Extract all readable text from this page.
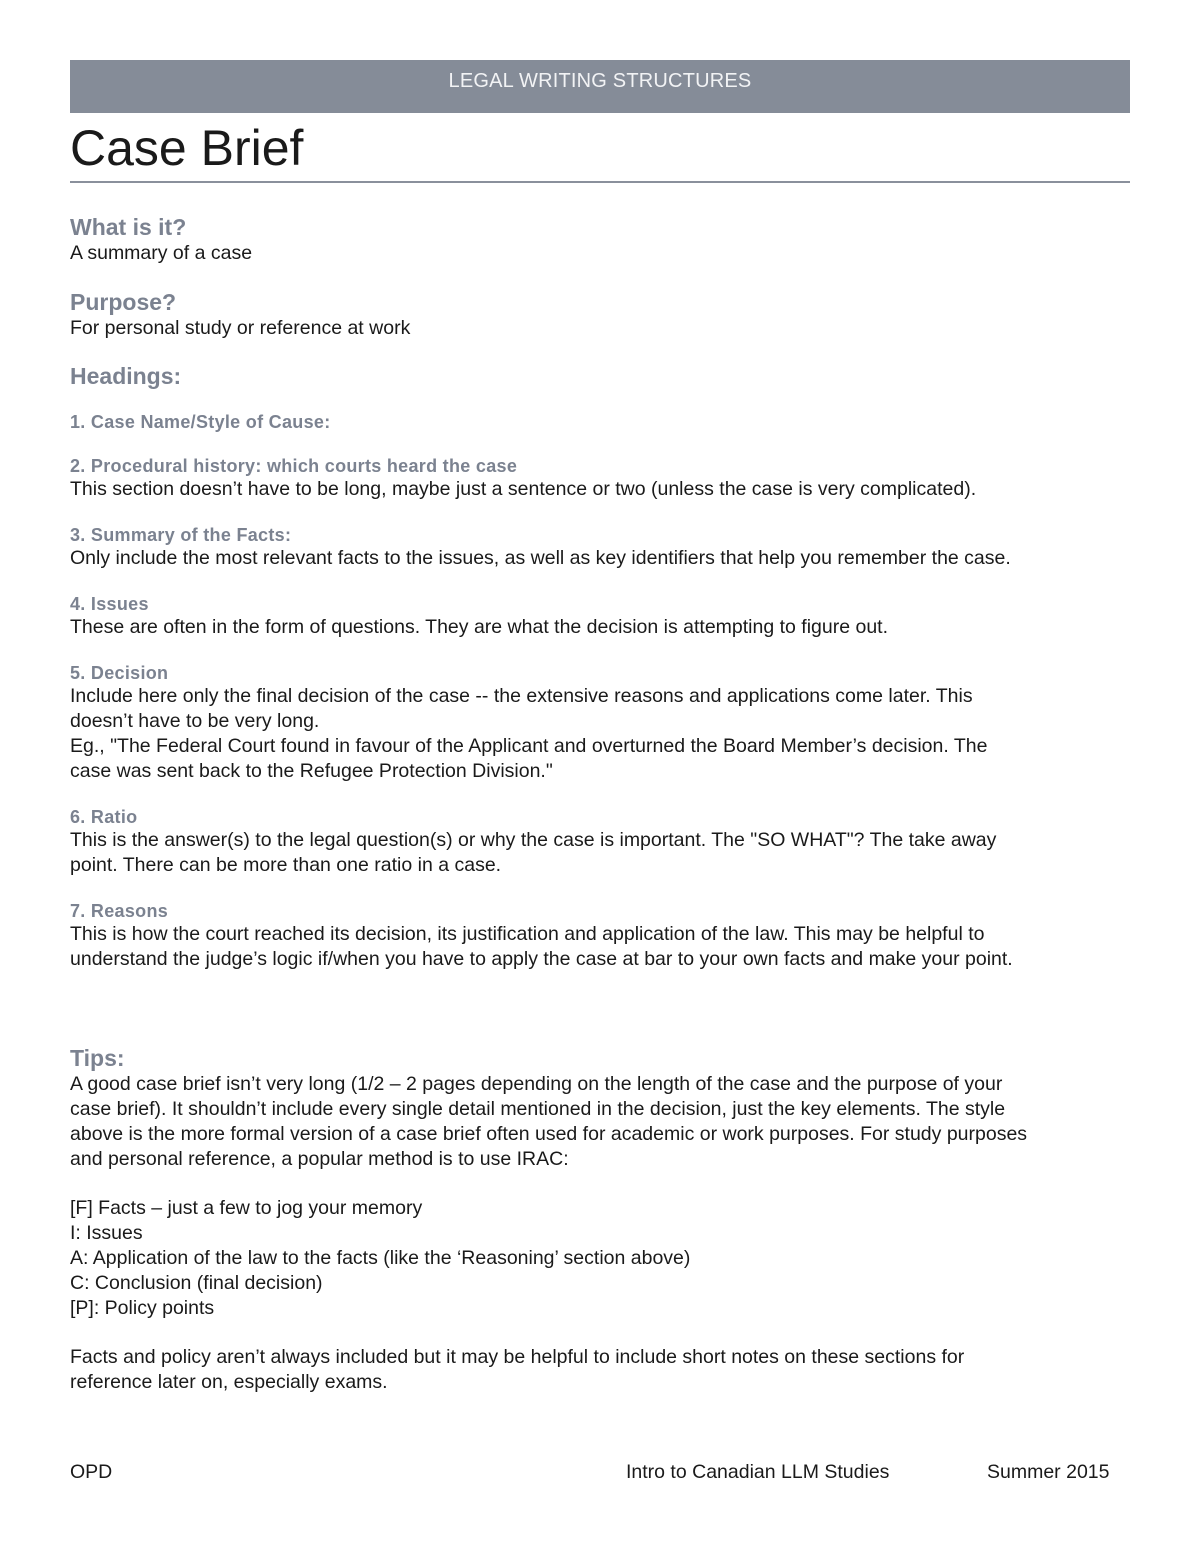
LEGAL WRITING STRUCTURES
Case Brief

What is it?

A summary of a case

Purpose?

For personal study or reference at work

Headings:

1. Case Name/Style of Cause:

2. Procedural history: which courts heard the case

This section doesn’t have to be long, maybe just a sentence or two (unless the case is very complicated).

3. Summary of the Facts:

Only include the most relevant facts to the issues, as well as key identifiers that help you remember the case.

4. Issues

These are often in the form of questions. They are what the decision is attempting to figure out.

5. Decision

Include here only the final decision of the case -- the extensive reasons and applications come later. This

doesn’t have to be very long.

Eg., "The Federal Court found in favour of the Applicant and overturned the Board Member’s decision. The

case was sent back to the Refugee Protection Division."

6. Ratio

This is the answer(s) to the legal question(s) or why the case is important. The "SO WHAT"? The take away

point. There can be more than one ratio in a case.

7. Reasons

This is how the court reached its decision, its justification and application of the law. This may be helpful to

understand the judge’s logic if/when you have to apply the case at bar to your own facts and make your point.

Tips:

A good case brief isn’t very long (1/2 – 2 pages depending on the length of the case and the purpose of your

case brief). It shouldn’t include every single detail mentioned in the decision, just the key elements. The style

above is the more formal version of a case brief often used for academic or work purposes. For study purposes

and personal reference, a popular method is to use IRAC:

[F] Facts – just a few to jog your memory

I: Issues

A: Application of the law to the facts (like the ‘Reasoning’ section above)

C: Conclusion (final decision)

[P]: Policy points

Facts and policy aren’t always included but it may be helpful to include short notes on these sections for

reference later on, especially exams.

OPD	Intro to Canadian LLM Studies	Summer 2015
